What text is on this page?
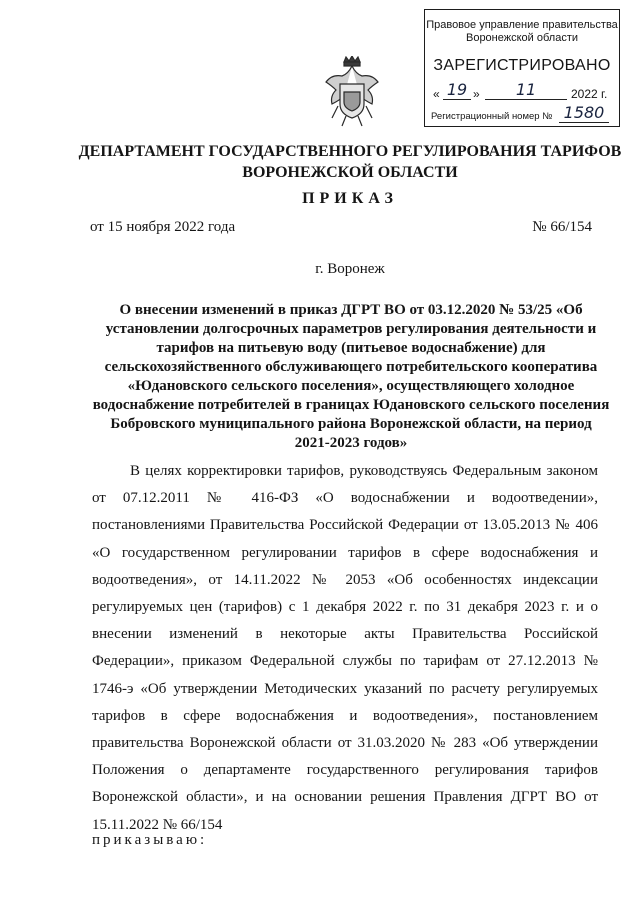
Правовое управление правительства Воронежской области
ЗАРЕГИСТРИРОВАНО
« 19 »	11	2022 г.
Регистрационный номер № 1580
ДЕПАРТАМЕНТ ГОСУДАРСТВЕННОГО РЕГУЛИРОВАНИЯ ТАРИФОВ ВОРОНЕЖСКОЙ ОБЛАСТИ
ПРИКАЗ
от 15 ноября 2022 года	№ 66/154
г. Воронеж
О внесении изменений в приказ ДГРТ ВО от 03.12.2020 № 53/25 «Об установлении долгосрочных параметров регулирования деятельности и тарифов на питьевую воду (питьевое водоснабжение) для сельскохозяйственного обслуживающего потребительского кооператива «Юдановского сельского поселения», осуществляющего холодное водоснабжение потребителей в границах Юдановского сельского поселения Бобровского муниципального района Воронежской области, на период 2021-2023 годов»
В целях корректировки тарифов, руководствуясь Федеральным законом от 07.12.2011 № 416-ФЗ «О водоснабжении и водоотведении», постановлениями Правительства Российской Федерации от 13.05.2013 № 406 «О государственном регулировании тарифов в сфере водоснабжения и водоотведения», от 14.11.2022 № 2053 «Об особенностях индексации регулируемых цен (тарифов) с 1 декабря 2022 г. по 31 декабря 2023 г. и о внесении изменений в некоторые акты Правительства Российской Федерации», приказом Федеральной службы по тарифам от 27.12.2013 № 1746-э «Об утверждении Методических указаний по расчету регулируемых тарифов в сфере водоснабжения и водоотведения», постановлением правительства Воронежской области от 31.03.2020 № 283 «Об утверждении Положения о департаменте государственного регулирования тарифов Воронежской области», и на основании решения Правления ДГРТ ВО от 15.11.2022 № 66/154
приказываю:
